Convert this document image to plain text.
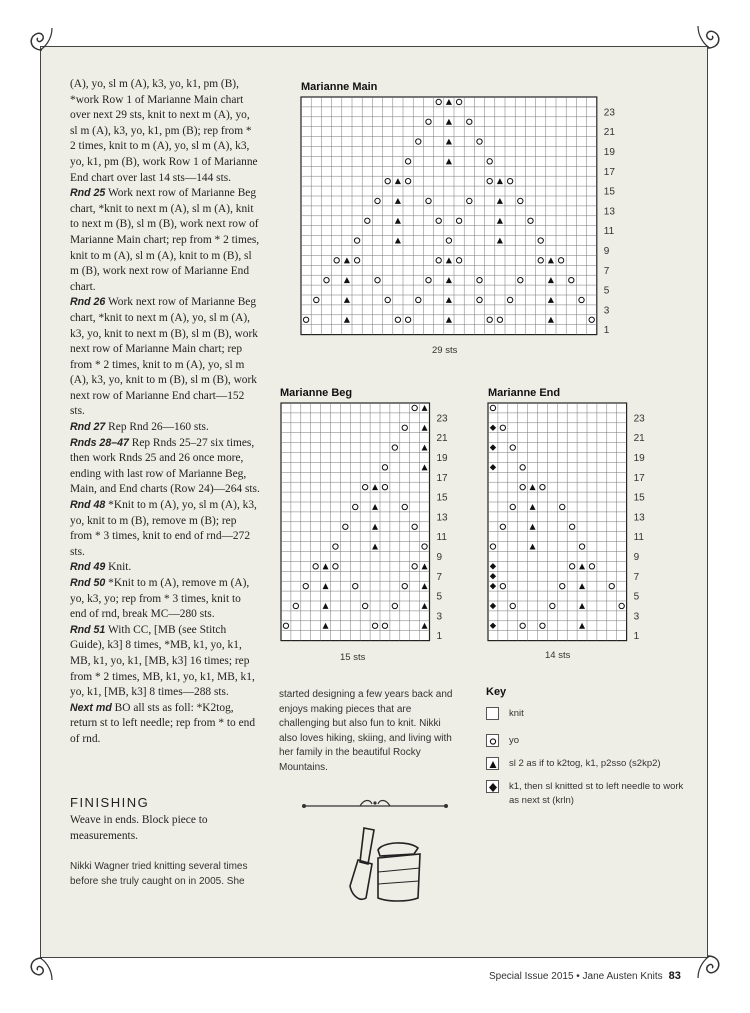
(A), yo, sl m (A), k3, yo, k1, pm (B), *work Row 1 of Marianne Main chart over next 29 sts, knit to next m (A), yo, sl m (A), k3, yo, k1, pm (B); rep from * 2 times, knit to m (A), yo, sl m (A), k3, yo, k1, pm (B), work Row 1 of Marianne End chart over last 14 sts—144 sts.

Rnd 25 Work next row of Marianne Beg chart, *knit to next m (A), sl m (A), knit to next m (B), sl m (B), work next row of Marianne Main chart; rep from * 2 times, knit to m (A), sl m (A), knit to m (B), sl m (B), work next row of Marianne End chart.

Rnd 26 Work next row of Marianne Beg chart, *knit to next m (A), yo, sl m (A), k3, yo, knit to next m (B), sl m (B), work next row of Marianne Main chart; rep from * 2 times, knit to m (A), yo, sl m (A), k3, yo, knit to m (B), sl m (B), work next row of Marianne End chart—152 sts.

Rnd 27 Rep Rnd 26—160 sts.

Rnds 28–47 Rep Rnds 25–27 six times, then work Rnds 25 and 26 once more, ending with last row of Marianne Beg, Main, and End charts (Row 24)—264 sts.

Rnd 48 *Knit to m (A), yo, sl m (A), k3, yo, knit to m (B), remove m (B); rep from * 3 times, knit to end of rnd—272 sts.

Rnd 49 Knit.

Rnd 50 *Knit to m (A), remove m (A), yo, k3, yo; rep from * 3 times, knit to end of rnd, break MC—280 sts.

Rnd 51 With CC, [MB (see Stitch Guide), k3] 8 times, *MB, k1, yo, k1, MB, k1, yo, k1, [MB, k3] 16 times; rep from * 2 times, MB, k1, yo, k1, MB, k1, yo, k1, [MB, k3] 8 times—288 sts.

Next md BO all sts as foll: *K2tog, return st to left needle; rep from * to end of rnd.

FINISHING
Weave in ends. Block piece to measurements.
Nikki Wagner tried knitting several times before she truly caught on in 2005. She
started designing a few years back and enjoys making pieces that are challenging but also fun to knit. Nikki also loves hiking, skiing, and living with her family in the beautiful Rocky Mountains.
Marianne Main
23
21
19
17
15
13
11
9
7
5
3
1
29 sts
Marianne Beg
23
21
19
17
15
13
11
9
7
5
3
1
15 sts
Marianne End
23
21
19
17
15
13
11
9
7
5
3
1
14 sts
Key
knit
yo
sl 2 as if to k2tog, k1, p2sso (s2kp2)
k1, then sl knitted st to left needle to work as next st (krln)
Special Issue 2015 • Jane Austen Knits 83
